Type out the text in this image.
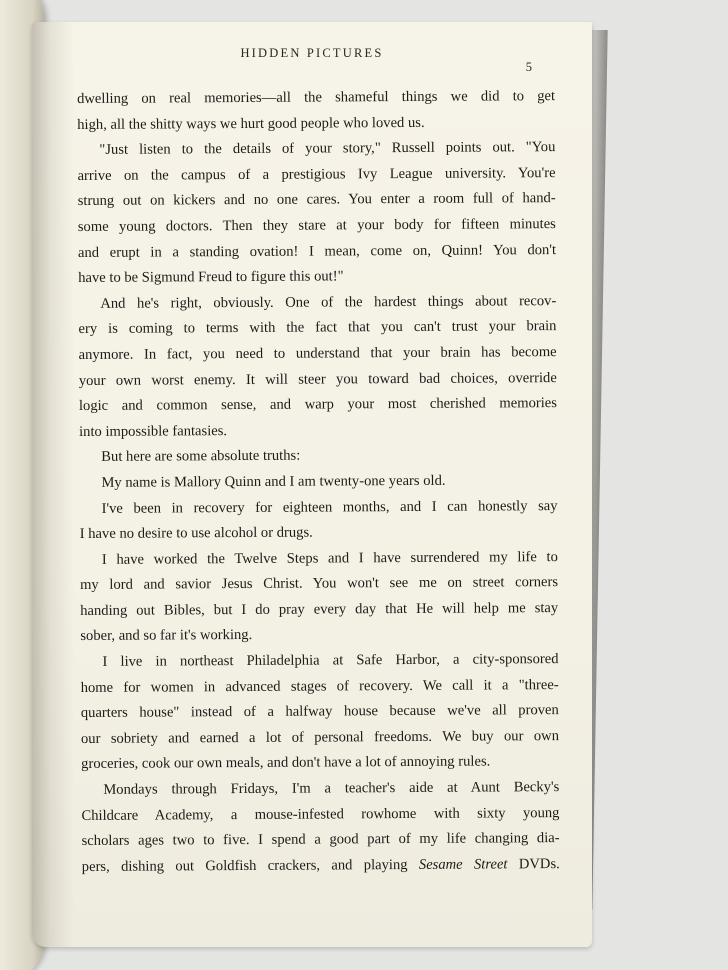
HIDDEN PICTURES
5
dwelling on real memories—all the shameful things we did to get
high, all the shitty ways we hurt good people who loved us.
"Just listen to the details of your story," Russell points out. "You
arrive on the campus of a prestigious Ivy League university. You're
strung out on kickers and no one cares. You enter a room full of hand-
some young doctors. Then they stare at your body for fifteen minutes
and erupt in a standing ovation! I mean, come on, Quinn! You don't
have to be Sigmund Freud to figure this out!"
And he's right, obviously. One of the hardest things about recov-
ery is coming to terms with the fact that you can't trust your brain
anymore. In fact, you need to understand that your brain has become
your own worst enemy. It will steer you toward bad choices, override
logic and common sense, and warp your most cherished memories
into impossible fantasies.
But here are some absolute truths:
My name is Mallory Quinn and I am twenty-one years old.
I've been in recovery for eighteen months, and I can honestly say
I have no desire to use alcohol or drugs.
I have worked the Twelve Steps and I have surrendered my life to
my lord and savior Jesus Christ. You won't see me on street corners
handing out Bibles, but I do pray every day that He will help me stay
sober, and so far it's working.
I live in northeast Philadelphia at Safe Harbor, a city-sponsored
home for women in advanced stages of recovery. We call it a "three-
quarters house" instead of a halfway house because we've all proven
our sobriety and earned a lot of personal freedoms. We buy our own
groceries, cook our own meals, and don't have a lot of annoying rules.
Mondays through Fridays, I'm a teacher's aide at Aunt Becky's
Childcare Academy, a mouse-infested rowhome with sixty young
scholars ages two to five. I spend a good part of my life changing dia-
pers, dishing out Goldfish crackers, and playing Sesame Street DVDs.
